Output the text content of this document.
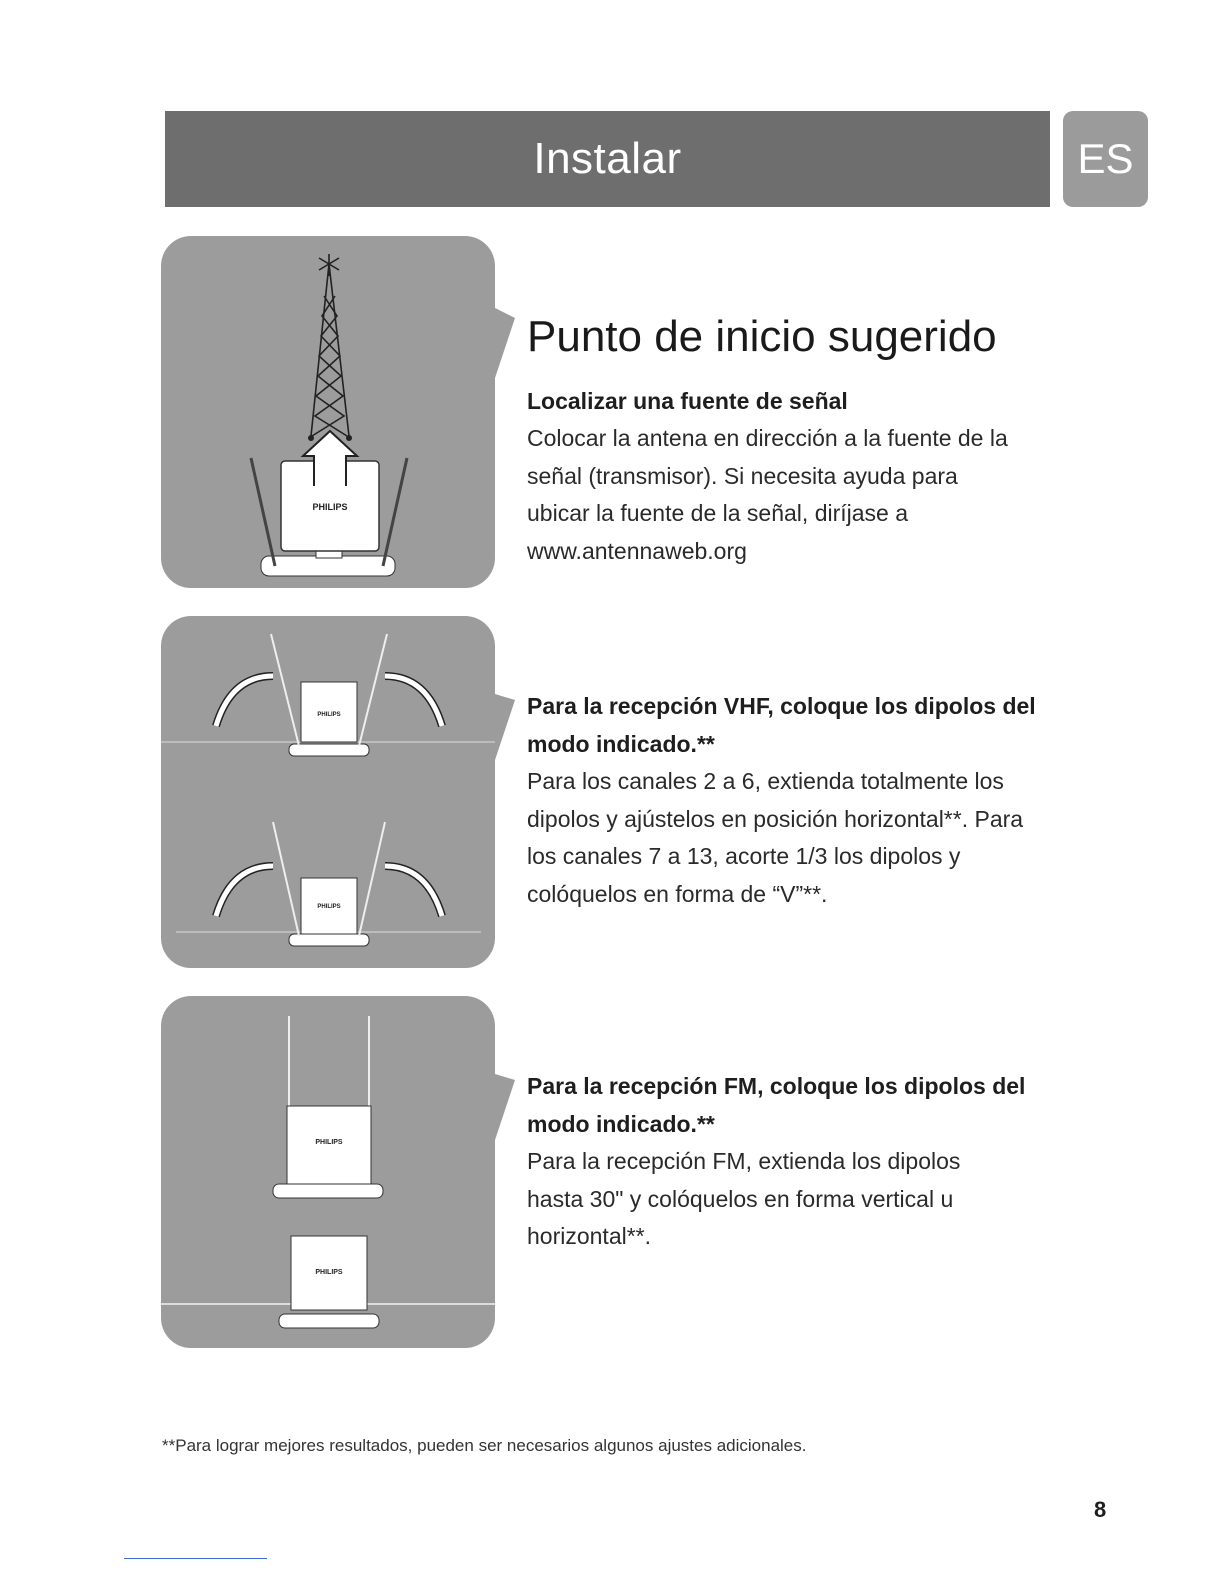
Instalar	ES
PHILIPS
Punto de inicio sugerido

Localizar una fuente de señal

Colocar la antena en dirección a la fuente de la señal (transmisor). Si necesita ayuda para ubicar la fuente de la señal, diríjase a www.antennaweb.org

PHILIPS
PHILIPS

Para la recepción VHF, coloque los dipolos del modo indicado.**

Para los canales 2 a 6, extienda totalmente los dipolos y ajústelos en posición horizontal**. Para los canales 7 a 13, acorte 1/3 los dipolos y colóquelos en forma de “V”**.

PHILIPS
PHILIPS

Para la recepción FM, coloque los dipolos del modo indicado.**

Para la recepción FM, extienda los dipolos hasta 30" y colóquelos en forma vertical u horizontal**.

**Para lograr mejores resultados, pueden ser necesarios algunos ajustes adicionales.
8
